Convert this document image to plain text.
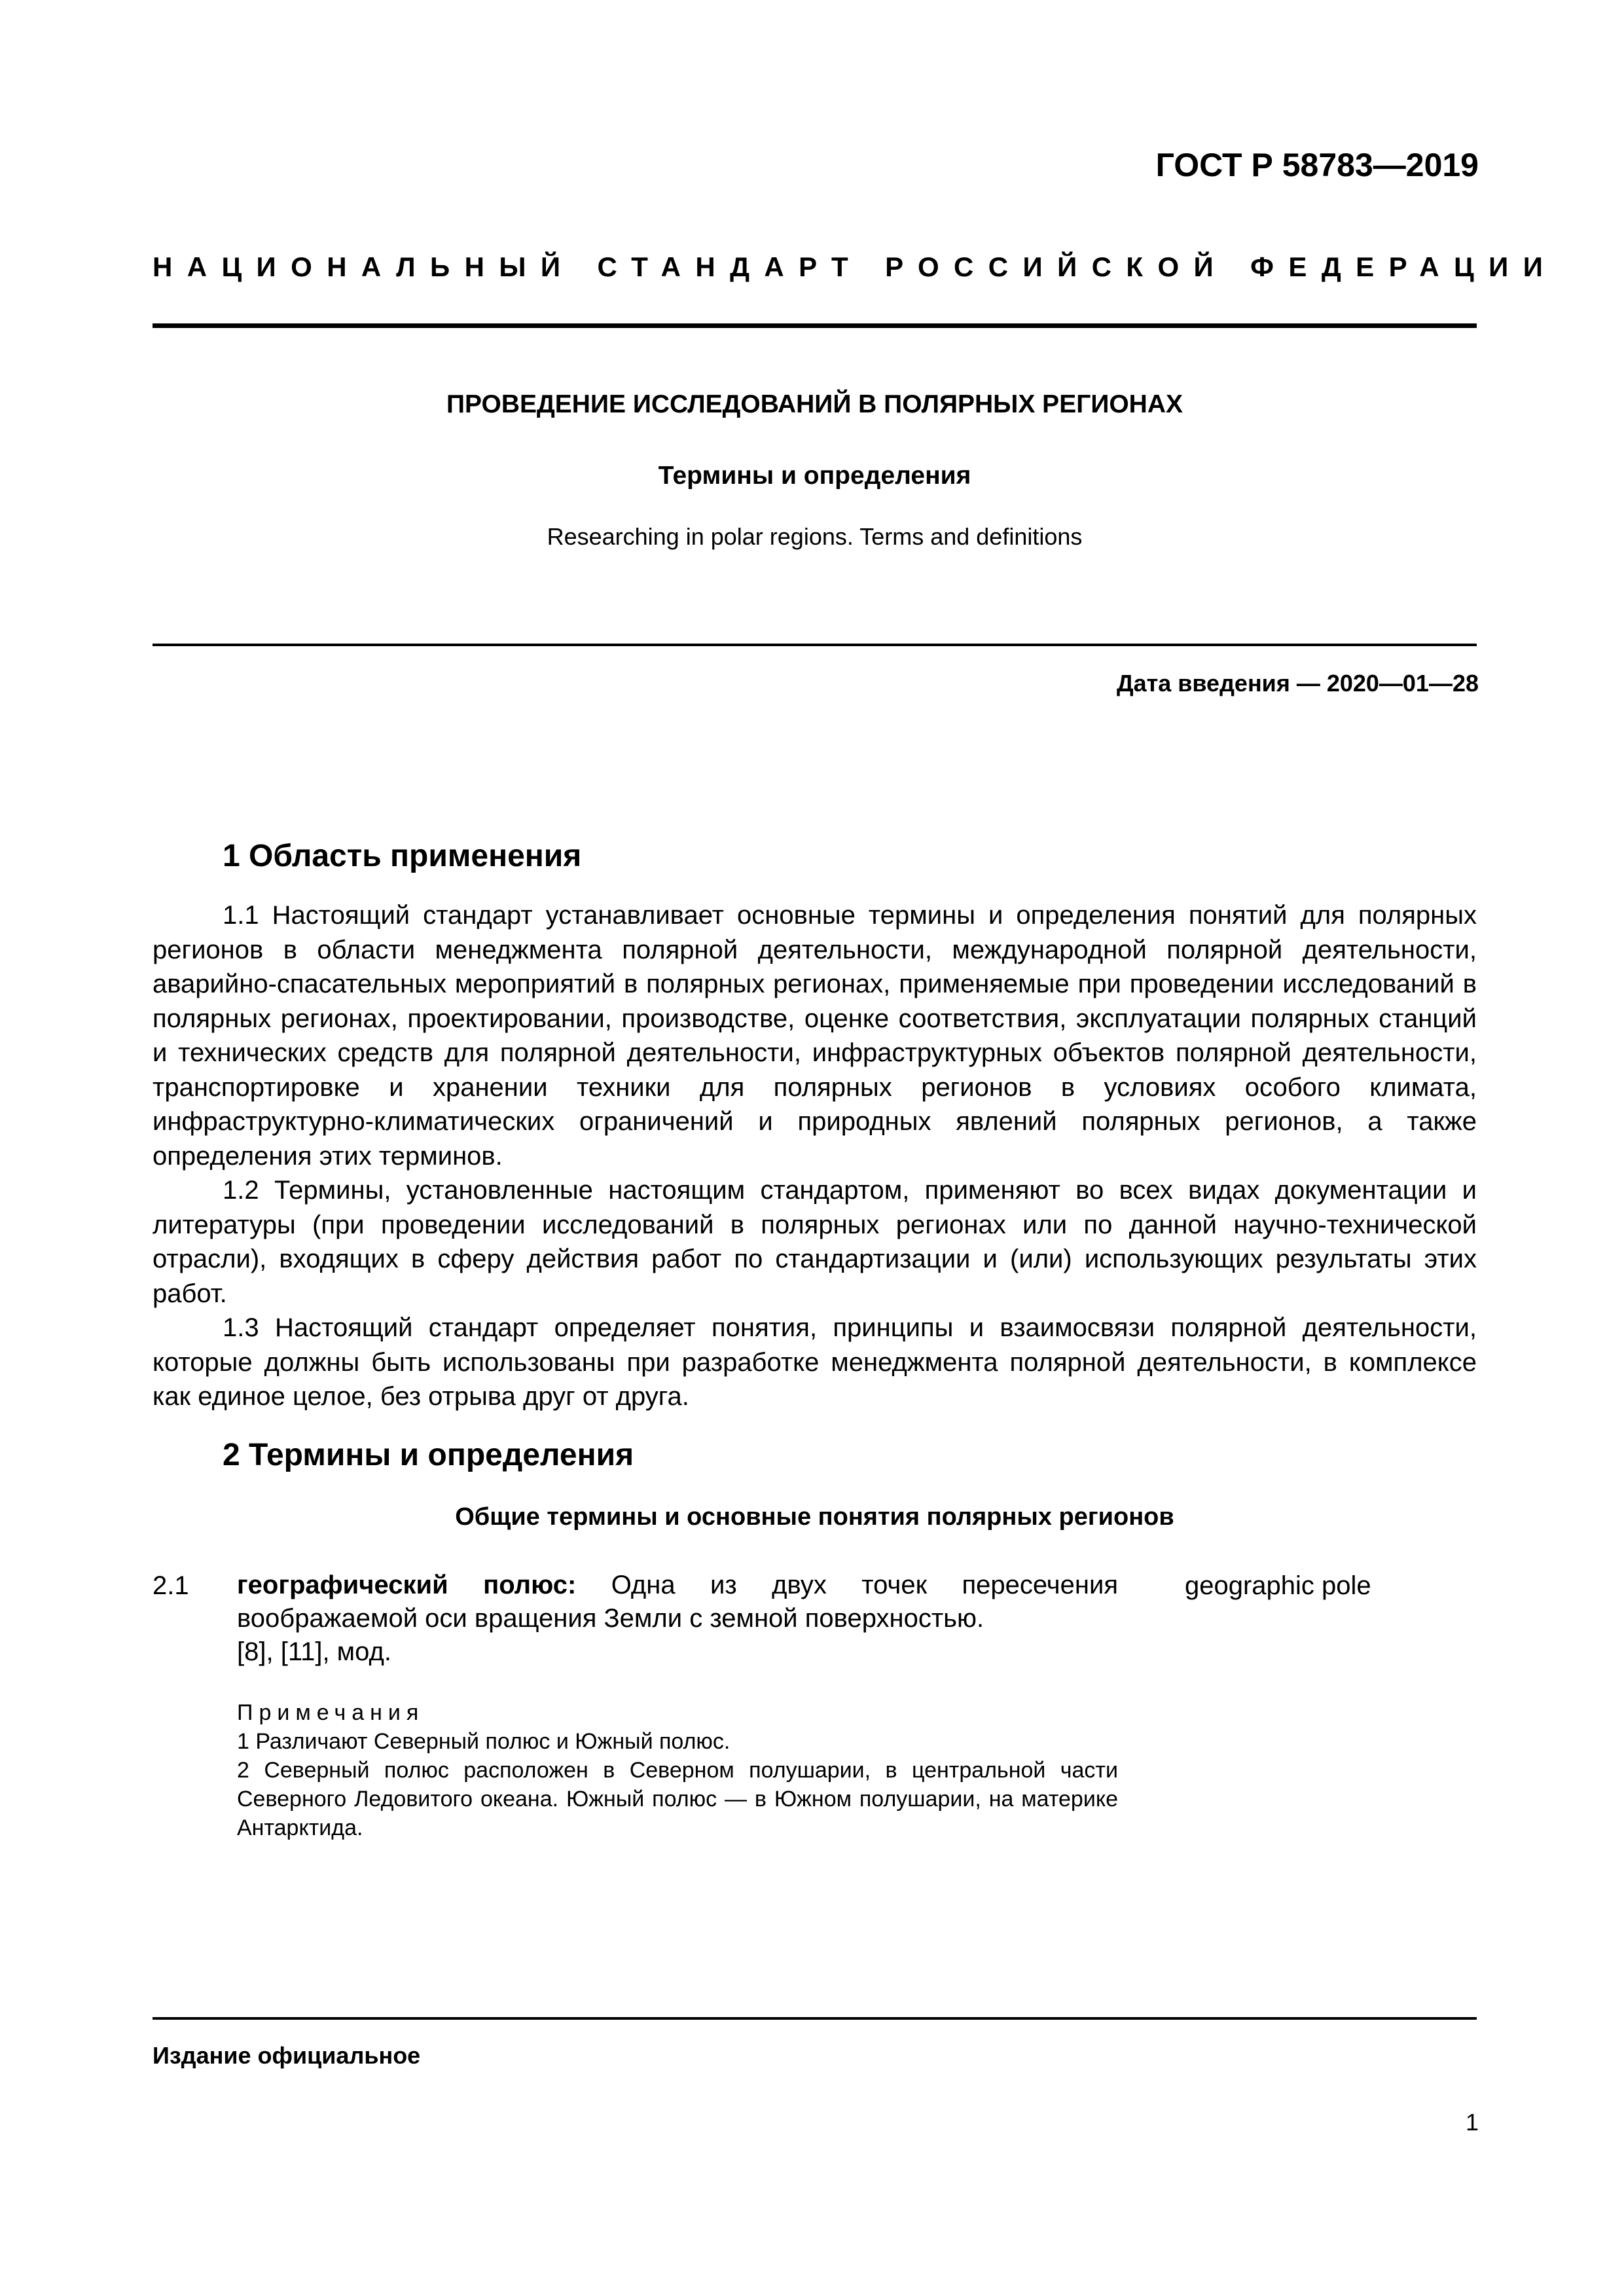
ГОСТ Р 58783—2019
НАЦИОНАЛЬНЫЙ СТАНДАРТ РОССИЙСКОЙ ФЕДЕРАЦИИ
ПРОВЕДЕНИЕ ИССЛЕДОВАНИЙ В ПОЛЯРНЫХ РЕГИОНАХ
Термины и определения
Researching in polar regions. Terms and definitions
Дата введения — 2020—01—28
1 Область применения

1.1 Настоящий стандарт устанавливает основные термины и определения понятий для полярных регионов в области менеджмента полярной деятельности, международной полярной деятельности, аварийно-спасательных мероприятий в полярных регионах, применяемые при проведении исследований в полярных регионах, проектировании, производстве, оценке соответствия, эксплуатации полярных станций и технических средств для полярной деятельности, инфраструктурных объектов полярной деятельности, транспортировке и хранении техники для полярных регионов в условиях особого климата, инфраструктурно-климатических ограничений и природных явлений полярных регионов, а также определения этих терминов.

1.2 Термины, установленные настоящим стандартом, применяют во всех видах документации и литературы (при проведении исследований в полярных регионах или по данной научно-технической отрасли), входящих в сферу действия работ по стандартизации и (или) использующих результаты этих работ.

1.3 Настоящий стандарт определяет понятия, принципы и взаимосвязи полярной деятельности, которые должны быть использованы при разработке менеджмента полярной деятельности, в комплексе как единое целое, без отрыва друг от друга.

2 Термины и определения
Общие термины и основные понятия полярных регионов
2.1 географический полюс: Одна из двух точек пересечения воображаемой оси вращения Земли с земной поверхностью.

[8], [11], мод.

geographic pole

Примечания

1 Различают Северный полюс и Южный полюс.

2 Северный полюс расположен в Северном полушарии, в центральной части Северного Ледовитого океана. Южный полюс — в Южном полушарии, на материке Антарктида.

Издание официальное
1
